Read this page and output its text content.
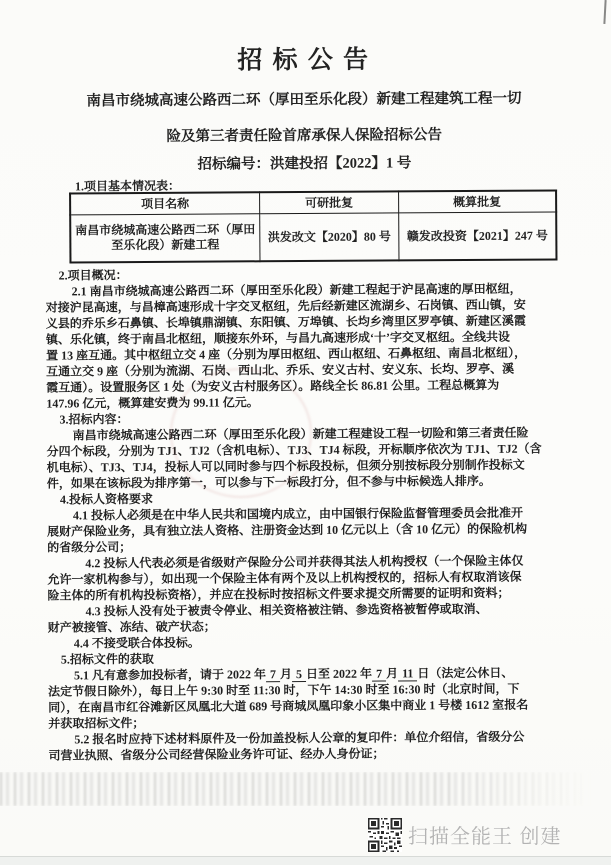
招 标 公 告
南昌市绕城高速公路西二环（厚田至乐化段）新建工程建筑工程一切
险及第三者责任险首席承保人保险招标公告
招标编号：洪建投招【2022】1 号
1.项目基本情况表：
项目名称	可研批复	概算批复
南昌市绕城高速公路西二环（厚田至乐化段）新建工程	洪发改文【2020】80 号	赣发改投资【2021】247 号
2.项目概况：
2.1 南昌市绕城高速公路西二环（厚田至乐化段）新建工程起于沪昆高速的厚田枢纽，
对接沪昆高速，与昌樟高速形成十字交叉枢纽，先后经新建区流湖乡、石岗镇、西山镇，安
义县的乔乐乡石鼻镇、长埠镇鼎湖镇、东阳镇、万埠镇、长均乡湾里区罗亭镇、新建区溪霞
镇、乐化镇，终于南昌北枢纽，顺接东外环，与昌九高速形成‘十’字交叉枢纽。全线共设
置 13 座互通。其中枢纽立交 4 座（分别为厚田枢纽、西山枢纽、石鼻枢纽、南昌北枢纽），
互通立交 9 座（分别为流湖、石岗、西山北、乔乐、安义古村、安义东、长均、罗亭、溪
霞互通）。设置服务区 1 处（为安义古村服务区）。路线全长 86.81 公里。工程总概算为
147.96 亿元，概算建安费为 99.11 亿元。
3.招标内容：
南昌市绕城高速公路西二环（厚田至乐化段）新建工程建设工程一切险和第三者责任险
分四个标段，分别为 TJ1、TJ2（含机电标）、TJ3、TJ4 标段，开标顺序依次为 TJ1、TJ2（含
机电标）、TJ3、TJ4，投标人可以同时参与四个标段投标，但须分别按标段分别制作投标文
件，如果在该标段为排序第一，可以参与下一标段打分，但不参与中标候选人排序。
4.投标人资格要求
4.1 投标人必须是在中华人民共和国境内成立，由中国银行保险监督管理委员会批准开
展财产保险业务，具有独立法人资格、注册资金达到 10 亿元以上（含 10 亿元）的保险机构
的省级分公司；
4.2 投标人代表必须是省级财产保险分公司并获得其法人机构授权（一个保险主体仅
允许一家机构参与），如出现一个保险主体有两个及以上机构授权的，招标人有权取消该保
险主体的所有机构投标资格），并应在投标时按招标文件要求提交所需要的证明和资料；
4.3 投标人没有处于被责令停业、相关资格被注销、参选资格被暂停或取消、
财产被接管、冻结、破产状态；
4.4 不接受联合体投标。
5.招标文件的获取
5.1 凡有意参加投标者，请于 2022 年 7 月 5 日至 2022 年 7 月 11 日（法定公休日、
法定节假日除外），每日上午 9:30 时至 11:30 时，下午 14:30 时至 16:30 时（北京时间，下
同），在南昌市红谷滩新区凤凰北大道 689 号商城凤凰印象小区集中商业 1 号楼 1612 室报名
并获取招标文件；
5.2 报名时应持下述材料原件及一份加盖投标人公章的复印件：单位介绍信，省级分公
司营业执照、省级分公司经营保险业务许可证、经办人身份证；
扫描全能王 创建
